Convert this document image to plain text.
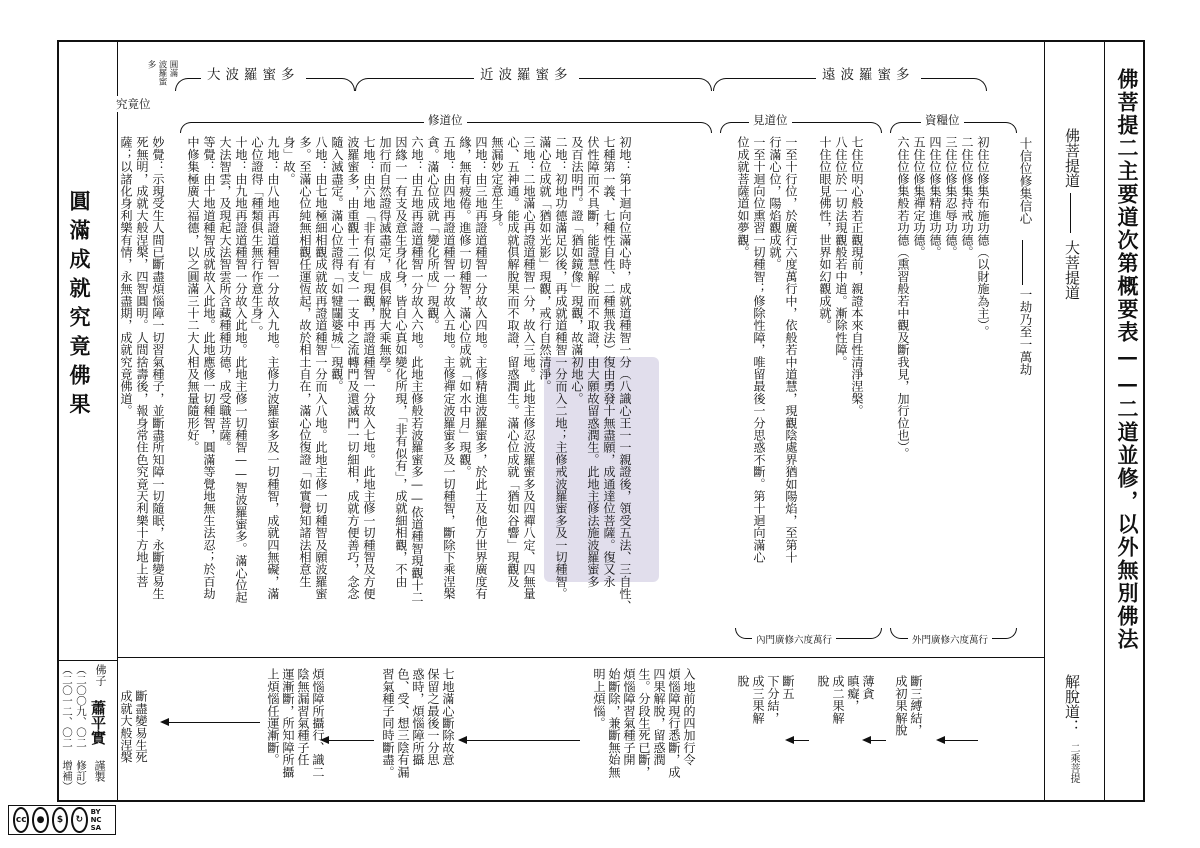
佛菩提二主要道次第概要表——二道並修，以外無別佛法
佛菩提道
大菩提道
解脫道：
二乘菩提
十信位修集信心
一劫乃至一萬劫
遠波羅蜜多
近波羅蜜多
大波羅蜜多
圓滿
波羅蜜多
資糧位
見道位
修道位
究竟位
初住位修集布施功德（以財施為主）。
二住位修集持戒功德。
三住位修集忍辱功德。
四住位修集精進功德。
五住位修集禪定功德。
六住位修集般若功德（熏習般若中觀及斷我見，加行位也）。
七住位明心般若正觀現前，親證本來自性清淨涅槃。
八住位於一切法現觀般若中道。漸除性障。
十住位眼見佛性，世界如幻觀成就。
一至十行位，於廣行六度萬行中，依般若中道慧，現觀陰處界猶如陽焰，至第十
行滿心位，陽焰觀成就。
一至十迴向位熏習一切種智；修除性障，唯留最後一分思惑不斷。第十迴向滿心
位成就菩薩道如夢觀。
初地：第十迴向位滿心時，成就道種智一分（八識心王一一親證後，領受五法、三自性、
七種第一義、七種性自性、二種無我法）復由勇發十無盡願，成通達位菩薩。復又永
伏性障而不具斷，能證慧解脫而不取證，由大願故留惑潤生。此地主修法施波羅蜜多
及百法明門。證「猶如鏡像」現觀，故滿初地心。
二地：初地功德滿足以後，再成就道種智一分而入二地；主修戒波羅蜜多及一切種智。
滿心位成就「猶如光影」現觀，戒行自然清淨。
三地：二地滿心再證道種智一分，故入三地。此地主修忍波羅蜜多及四禪八定、四無量
心、五神通。能成就俱解脫果而不取證，留惑潤生。滿心位成就「猶如谷響」現觀及
無漏妙定意生身。
四地：由三地再證道種智一分故入四地。主修精進波羅蜜多，於此土及他方世界廣度有
緣，無有疲倦。進修一切種智，滿心位成就「如水中月」現觀。
五地：由四地再證道種智一分故入五地。主修禪定波羅蜜多及一切種智，斷除下乘涅槃
貪。滿心位成就「變化所成」現觀。
六地：由五地再證道種智一分故入六地。此地主修般若波羅蜜多——依道種智現觀十二
因緣一一有支及意生身化身，皆自心真如變化所現，「非有似有」，成就細相觀，不由
加行而自然證得滅盡定，成俱解脫大乘無學。
七地：由六地「非有似有」現觀，再證道種智一分故入七地。此地主修一切種智及方便
波羅蜜多，由重觀十二有支一一支中之流轉門及還滅門一切細相，成就方便善巧，念念
隨入滅盡定。滿心位證得「如犍闥婆城」現觀。
八地：由七地極細相觀成就故再證道種智一分而入八地。此地主修一切種智及願波羅蜜
多。至滿心位純無相觀任運恆起，故於相土自在，滿心位復證「如實覺知諸法相意生
身」故。
九地：由八地再證道種智一分故入九地。主修力波羅蜜多及一切種智，成就四無礙，滿
心位證得「種類俱生無行作意生身」。
十地：由九地再證道種智一分故入此地。此地主修一切種智——智波羅蜜多。滿心位起
大法智雲，及現起大法智雲所含藏種種功德，成受職菩薩。
等覺：由十地道種智成就故入此地。此地應修一切種智，圓滿等覺地無生法忍；於百劫
中修集極廣大福德，以之圓滿三十二大人相及無量隨形好。
妙覺：示現受生人間已斷盡煩惱障一切習氣種子，並斷盡所知障一切隨眠，永斷變易生
死無明，成就大般涅槃，四智圓明。人間捨壽後，報身常住色究竟天利樂十方地上菩
薩；以諸化身利樂有情，永無盡期，成就究竟佛道。
外門廣修六度萬行
內門廣修六度萬行
圓滿成就究竟佛果
佛子
蕭平實
謹製
（二〇〇九、〇二 修訂）
（二〇一二、〇二 增補）	斷三縛結，
成初果解脫
薄貪
瞋癡，
成二果解
脫
斷五
下分結，
成三果解
脫
入地前的四加行令
煩惱障現行悉斷，成
四果解脫，留惑潤
生。分段生死已斷，
煩惱障習氣種子開
始斷除，兼斷無始無
明上煩惱。
七地滿心斷除故意
保留之最後一分思
惑時，煩惱障所攝
色、受、想三陰有漏
習氣種子同時斷盡。
煩惱障所攝行、識二
陰無漏習氣種子任
運漸斷，所知障所攝
上煩惱任運漸斷。
斷盡變易生死
成就大般涅槃
cc	●	$	↻
BY NC SA
